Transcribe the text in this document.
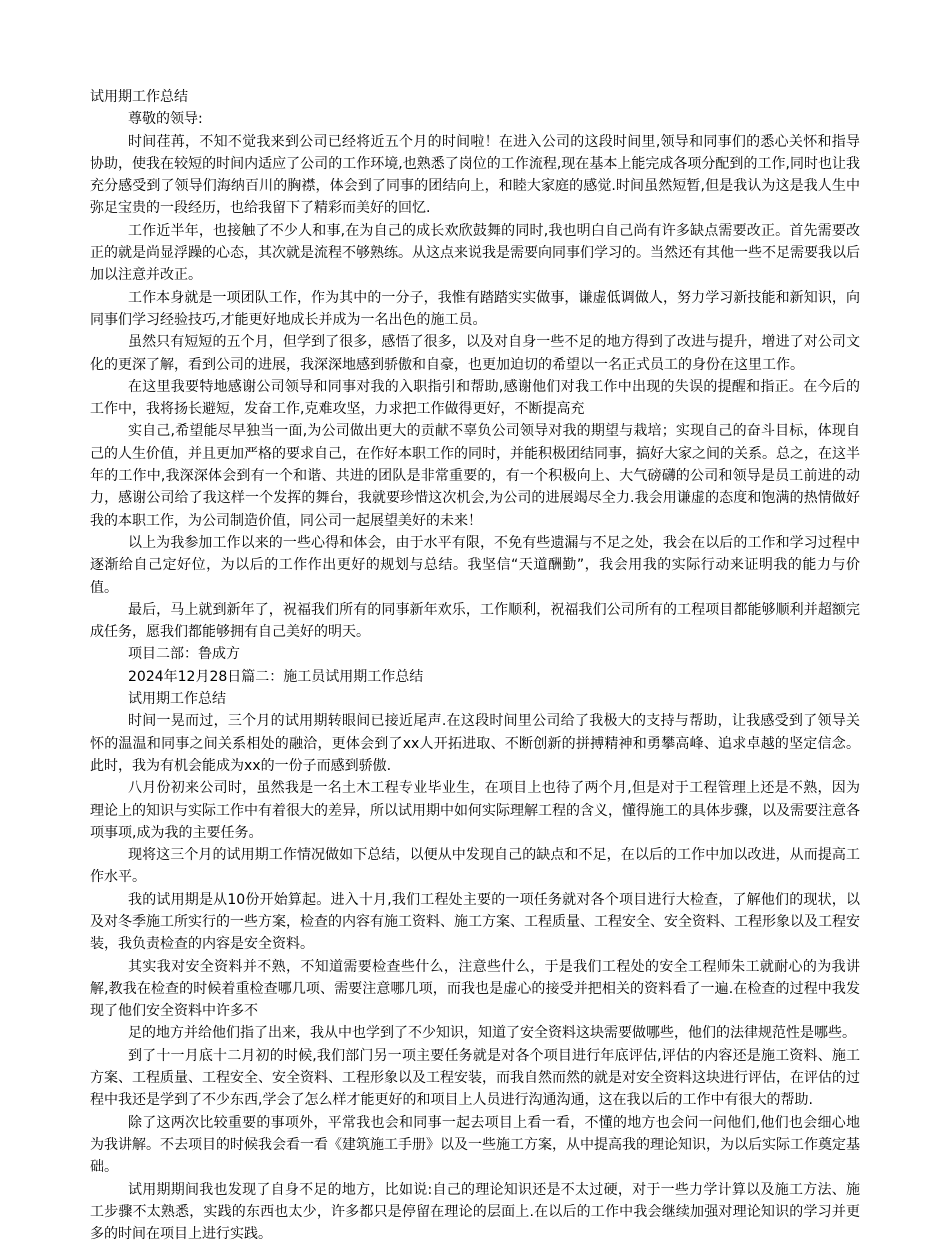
试用期工作总结
尊敬的领导:
时间荏苒，不知不觉我来到公司已经将近五个月的时间啦！在进入公司的这段时间里,领导和同事们的悉心关怀和指导协助，使我在较短的时间内适应了公司的工作环境,也熟悉了岗位的工作流程,现在基本上能完成各项分配到的工作,同时也让我充分感受到了领导们海纳百川的胸襟，体会到了同事的团结向上，和睦大家庭的感觉.时间虽然短暂,但是我认为这是我人生中弥足宝贵的一段经历，也给我留下了精彩而美好的回忆.
工作近半年，也接触了不少人和事,在为自己的成长欢欣鼓舞的同时,我也明白自己尚有许多缺点需要改正。首先需要改正的就是尚显浮躁的心态，其次就是流程不够熟练。从这点来说我是需要向同事们学习的。当然还有其他一些不足需要我以后加以注意并改正。
工作本身就是一项团队工作，作为其中的一分子，我惟有踏踏实实做事，谦虚低调做人，努力学习新技能和新知识，向同事们学习经验技巧,才能更好地成长并成为一名出色的施工员。
虽然只有短短的五个月，但学到了很多，感悟了很多，以及对自身一些不足的地方得到了改进与提升，增进了对公司文化的更深了解，看到公司的进展，我深深地感到骄傲和自豪，也更加迫切的希望以一名正式员工的身份在这里工作。
在这里我要特地感谢公司领导和同事对我的入职指引和帮助,感谢他们对我工作中出现的失误的提醒和指正。在今后的工作中，我将扬长避短，发奋工作,克难攻坚，力求把工作做得更好，不断提高充
实自己,希望能尽早独当一面,为公司做出更大的贡献不辜负公司领导对我的期望与栽培；实现自己的奋斗目标，体现自己的人生价值，并且更加严格的要求自己，在作好本职工作的同时，并能积极团结同事，搞好大家之间的关系。总之，在这半年的工作中,我深深体会到有一个和谐、共进的团队是非常重要的，有一个积极向上、大气磅礴的公司和领导是员工前进的动力，感谢公司给了我这样一个发挥的舞台，我就要珍惜这次机会,为公司的进展竭尽全力.我会用谦虚的态度和饱满的热情做好我的本职工作，为公司制造价值，同公司一起展望美好的未来！
以上为我参加工作以来的一些心得和体会，由于水平有限，不免有些遗漏与不足之处，我会在以后的工作和学习过程中逐渐给自己定好位，为以后的工作作出更好的规划与总结。我坚信“天道酬勤”，我会用我的实际行动来证明我的能力与价值。
最后，马上就到新年了，祝福我们所有的同事新年欢乐，工作顺利，祝福我们公司所有的工程项目都能够顺利并超额完成任务，愿我们都能够拥有自己美好的明天。
项目二部：鲁成方
2024年12月28日篇二：施工员试用期工作总结
试用期工作总结
时间一晃而过，三个月的试用期转眼间已接近尾声.在这段时间里公司给了我极大的支持与帮助，让我感受到了领导关怀的温温和同事之间关系相处的融洽，更体会到了xx人开拓进取、不断创新的拼搏精神和勇攀高峰、追求卓越的坚定信念。此时，我为有机会能成为xx的一份子而感到骄傲.
八月份初来公司时，虽然我是一名土木工程专业毕业生，在项目上也待了两个月,但是对于工程管理上还是不熟，因为理论上的知识与实际工作中有着很大的差异，所以试用期中如何实际理解工程的含义，懂得施工的具体步骤，以及需要注意各项事项,成为我的主要任务。
现将这三个月的试用期工作情况做如下总结，以便从中发现自己的缺点和不足，在以后的工作中加以改进，从而提高工作水平。
我的试用期是从10份开始算起。进入十月,我们工程处主要的一项任务就对各个项目进行大检查，了解他们的现状，以及对冬季施工所实行的一些方案，检查的内容有施工资料、施工方案、工程质量、工程安全、安全资料、工程形象以及工程安装，我负责检查的内容是安全资料。
其实我对安全资料并不熟，不知道需要检查些什么，注意些什么，于是我们工程处的安全工程师朱工就耐心的为我讲解,教我在检查的时候着重检查哪几项、需要注意哪几项，而我也是虚心的接受并把相关的资料看了一遍.在检查的过程中我发现了他们安全资料中许多不
足的地方并给他们指了出来，我从中也学到了不少知识，知道了安全资料这块需要做哪些，他们的法律规范性是哪些。
到了十一月底十二月初的时候,我们部门另一项主要任务就是对各个项目进行年底评估,评估的内容还是施工资料、施工方案、工程质量、工程安全、安全资料、工程形象以及工程安装，而我自然而然的就是对安全资料这块进行评估，在评估的过程中我还是学到了不少东西,学会了怎么样才能更好的和项目上人员进行沟通沟通，这在我以后的工作中有很大的帮助.
除了这两次比较重要的事项外，平常我也会和同事一起去项目上看一看，不懂的地方也会问一问他们,他们也会细心地为我讲解。不去项目的时候我会看一看《建筑施工手册》以及一些施工方案，从中提高我的理论知识，为以后实际工作奠定基础。
试用期期间我也发现了自身不足的地方，比如说:自己的理论知识还是不太过硬，对于一些力学计算以及施工方法、施工步骤不太熟悉，实践的东西也太少，许多都只是停留在理论的层面上.在以后的工作中我会继续加强对理论知识的学习并更多的时间在项目上进行实践。
